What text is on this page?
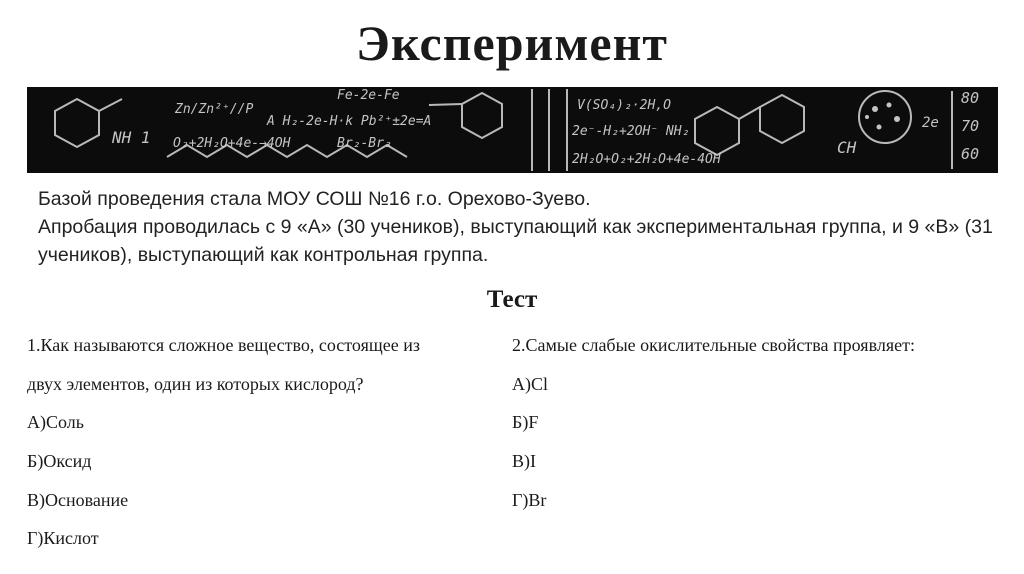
Эксперимент
Zn/Zn²⁺//P
A H₂-2e-H·k Pb²⁺±2e=A
Fe-2e-Fe
O₂+2H₂O+4e-→4OH
V(SO₄)₂·2H,O
2e⁻-H₂+2OH⁻ NH₂
2H₂O+O₂+2H₂O+4e-4OH
Br₂-Br₃
NH 1
CH
80
70
60
2e

Базой проведения стала МОУ СОШ №16 г.о. Орехово-Зуево.

Апробация проводилась с 9 «А» (30 учеников), выступающий как экспериментальная группа, и 9 «В» (31 учеников), выступающий как контрольная группа.

Тест
1.Как называются сложное вещество, состоящее из
двух элементов, один из которых кислород?
А)Соль
Б)Оксид
В)Основание
Г)Кислот
2.Самые слабые окислительные свойства проявляет:
А)Cl
Б)F
В)I
Г)Br
